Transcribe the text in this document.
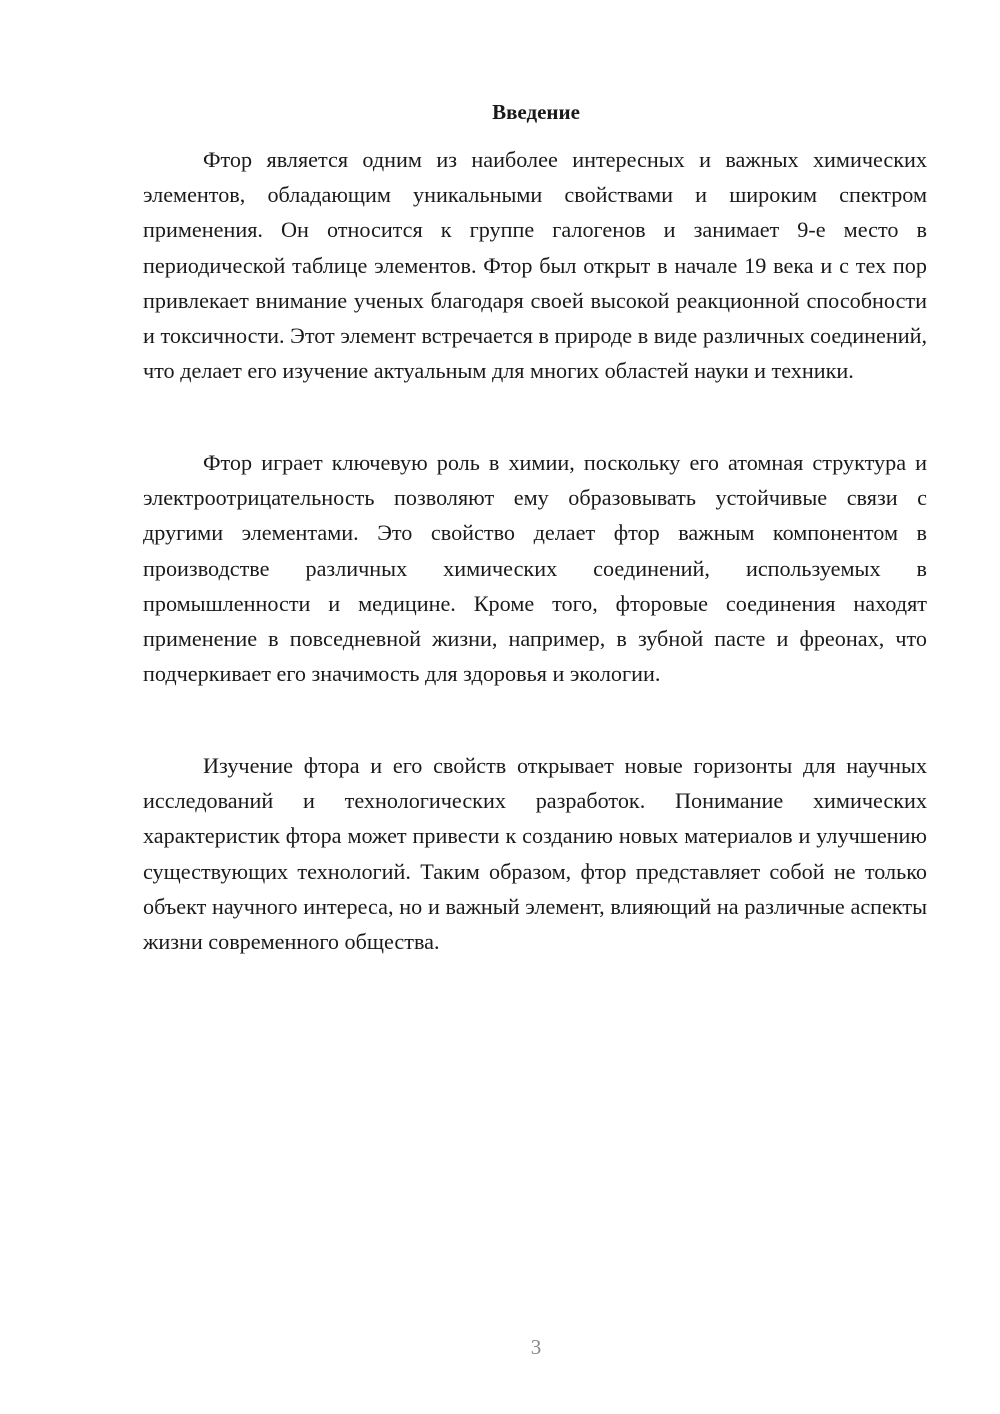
Введение

Фтор является одним из наиболее интересных и важных химических элементов, обладающим уникальными свойствами и широким спектром применения. Он относится к группе галогенов и занимает 9-е место в периодической таблице элементов. Фтор был открыт в начале 19 века и с тех пор привлекает внимание ученых благодаря своей высокой реакционной способности и токсичности. Этот элемент встречается в природе в виде различных соединений, что делает его изучение актуальным для многих областей науки и техники.

Фтор играет ключевую роль в химии, поскольку его атомная структура и электроотрицательность позволяют ему образовывать устойчивые связи с другими элементами. Это свойство делает фтор важным компонентом в производстве различных химических соединений, используемых в промышленности и медицине. Кроме того, фторовые соединения находят применение в повседневной жизни, например, в зубной пасте и фреонах, что подчеркивает его значимость для здоровья и экологии.

Изучение фтора и его свойств открывает новые горизонты для научных исследований и технологических разработок. Понимание химических характеристик фтора может привести к созданию новых материалов и улучшению существующих технологий. Таким образом, фтор представляет собой не только объект научного интереса, но и важный элемент, влияющий на различные аспекты жизни современного общества.

3
